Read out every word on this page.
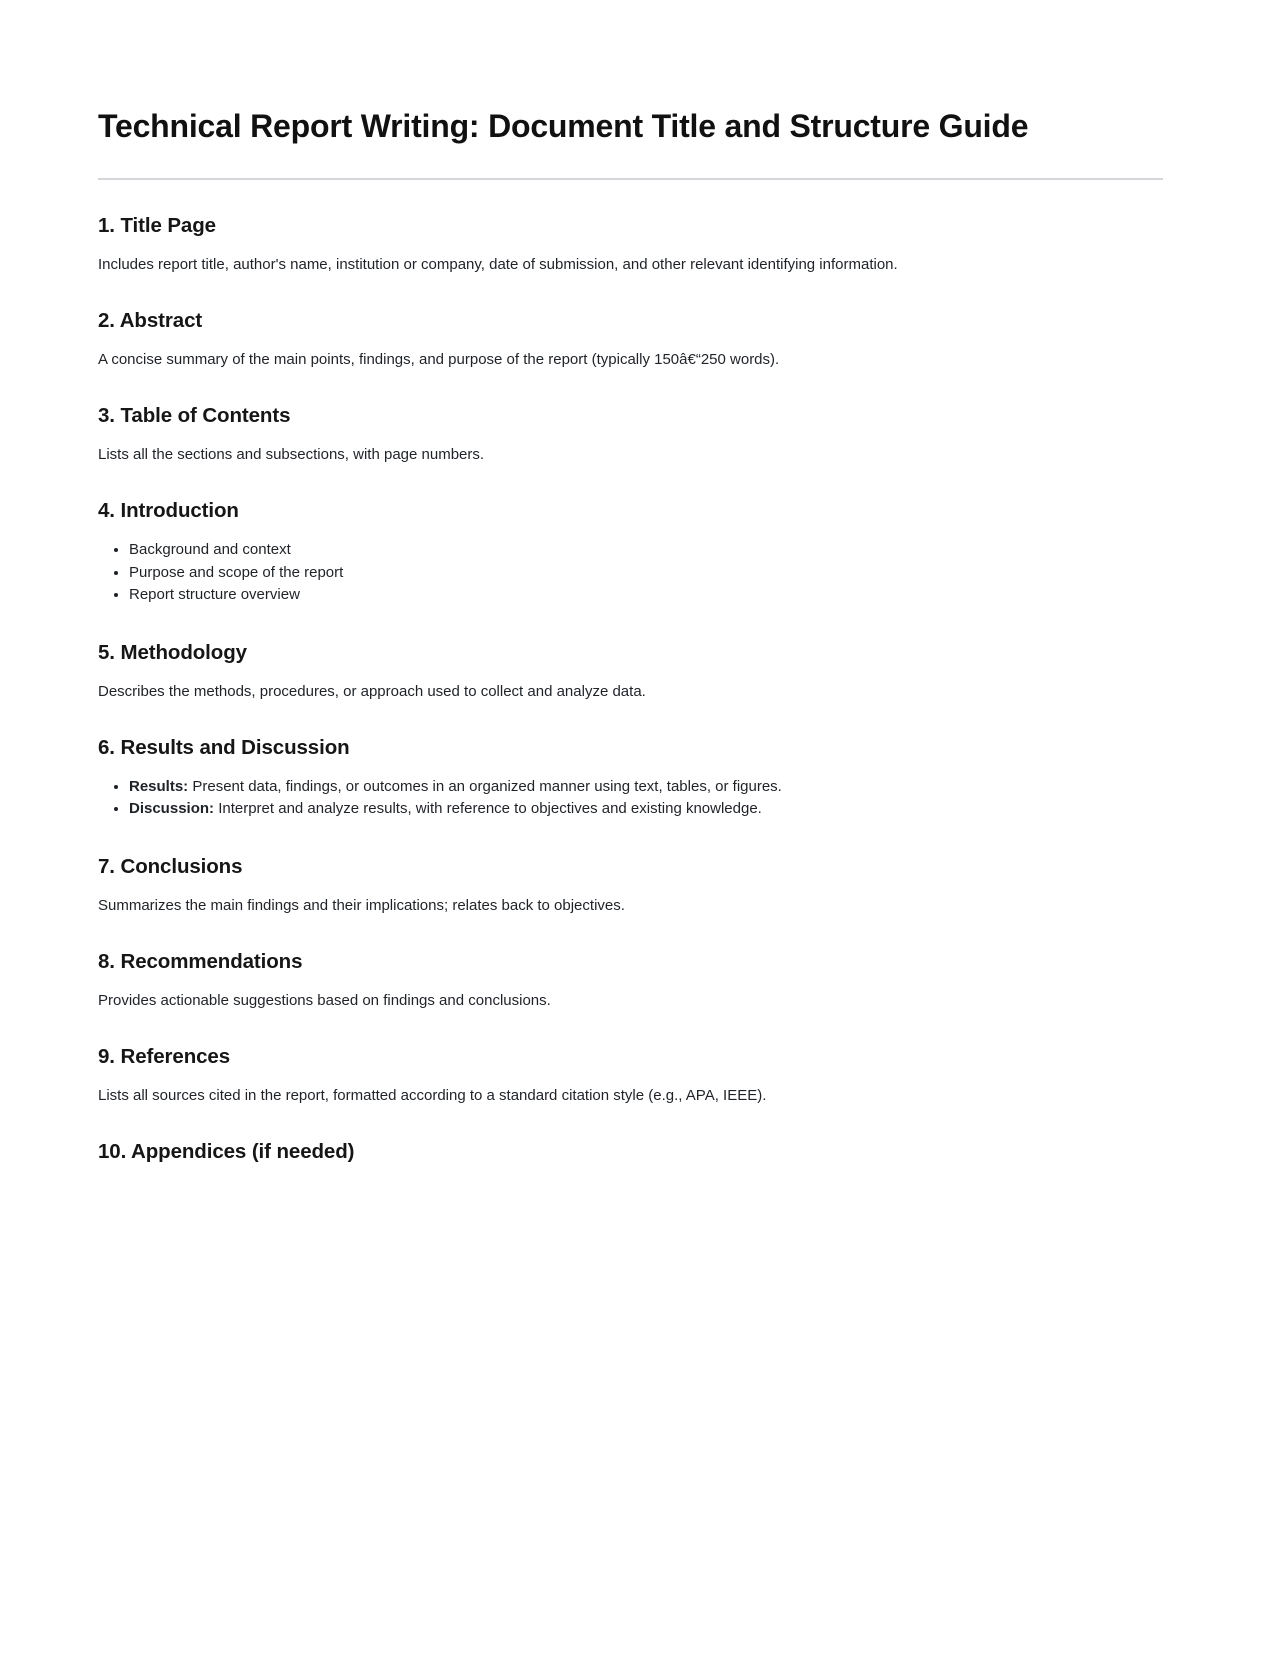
Technical Report Writing: Document Title and Structure Guide
1. Title Page

Includes report title, author's name, institution or company, date of submission, and other relevant identifying information.

2. Abstract

A concise summary of the main points, findings, and purpose of the report (typically 150â€“250 words).

3. Table of Contents

Lists all the sections and subsections, with page numbers.

4. Introduction
• Background and context
• Purpose and scope of the report
• Report structure overview
5. Methodology

Describes the methods, procedures, or approach used to collect and analyze data.

6. Results and Discussion
• Results: Present data, findings, or outcomes in an organized manner using text, tables, or figures.
• Discussion: Interpret and analyze results, with reference to objectives and existing knowledge.
7. Conclusions

Summarizes the main findings and their implications; relates back to objectives.

8. Recommendations

Provides actionable suggestions based on findings and conclusions.

9. References

Lists all sources cited in the report, formatted according to a standard citation style (e.g., APA, IEEE).

10. Appendices (if needed)
